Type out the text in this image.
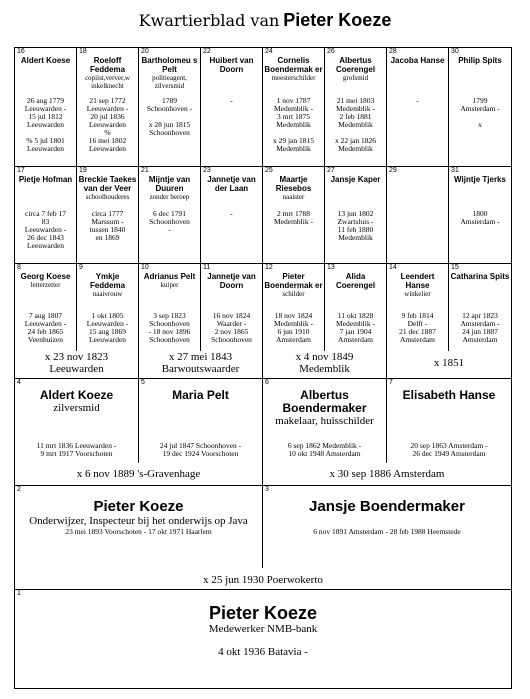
Kwartierblad van Pieter Koeze
16
Aldert Koese
26 aug 1779
Leeuwarden -
15 jul 1812
Leeuwarden

% 5 jul 1801
Leeuwarden
18
Roeloff Feddema
copiist,verver,w inkelknecht
21 sep 1772
Leeuwarden -
20 jul 1836
Leeuwarden
%
16 mei 1802
Leeuwarden
20
Bartholomeu s Pelt
politieagent, zilversmid
1789
Schoonhoven -

x 28 jun 1815
Schoonhoven
22
Huibert van Doorn
-
24
Cornelis Boendermak er
meesterschilder
1 nov 1787
Medemblik -
3 mrt 1875
Medemblik

x 29 jan 1815
Medemblik
26
Albertus Coerengel
grofsmid
21 mei 1803
Medemblik -
2 feb 1881
Medemblik

x 22 jan 1826
Medemblik
28
Jacoba Hanse
-
30
Philip Spits
1799
Amsterdam -

x
17
Pietje Hofman
circa 7 feb 17
83
Leeuwarden -
26 dec 1843
Leeuwarden
19
Breckie Taekes van der Veer
schoolhouderes
circa 1777
Marssum -
tussen 1840
en 1869
21
Mijntje van Duuren
zonder beroep
6 dec 1791
Schoonhoven
-
23
Jannetje van der Laan
-
25
Maartje Riesebos
naaister
2 mrt 1788
Medemblik -
27
Jansje Kaper
13 jun 1802
Zwartsluis -
11 feb 1880
Medemblik
29	31
Wijntje Tjerks
1800
Amsterdam -
8
Georg Koese
letterzetter
7 aug 1807
Leeuwarden -
24 feb 1865
Veenhuizen
9
Ymkje Feddema
naaivrouw
1 okt 1805
Leeuwarden -
15 aug 1869
Leeuwarden
10
Adrianus Pelt
kuiper
3 sep 1823
Schoonhoven
- 18 nov 1896
Schoonhoven
11
Jannetje van Doorn
16 nov 1824
Waarder -
2 nov 1865
Schoonhoven
12
Pieter Boendermak er
schilder
18 nov 1824
Medemblik -
6 jun 1910
Amsterdam
13
Alida Coerengel
11 okt 1828
Medemblik -
7 jan 1904
Amsterdam
14
Leendert Hanse
winkelier
9 feb 1814
Delft -
21 dec 1887
Amsterdam
15
Catharina Spits
12 apr 1823
Amsterdam -
24 jun 1887
Amsterdam
x 23 nov 1823
Leeuwarden
x 27 mei 1843
Barwoutswaarder
x 4 nov 1849
Medemblik	x 1851
4
Aldert Koeze
zilversmid
11 mrt 1836 Leeuwarden -
9 mrt 1917 Voorschoten
5
Maria Pelt
24 jul 1847 Schoonhoven -
19 dec 1924 Voorschoten
6
Albertus Boendermaker
makelaar, huisschilder
6 sep 1862 Medemblik -
10 okt 1948 Amsterdam
7
Elisabeth Hanse
20 sep 1863 Amsterdam -
26 dec 1949 Amsterdam
x 6 nov 1889 's-Gravenhage	x 30 sep 1886 Amsterdam
2
Pieter Koeze
Onderwijzer, Inspecteur bij het onderwijs op Java
23 mei 1893 Voorschoten - 17 okt 1971 Haarlem
3
Jansje Boendermaker
6 nov 1891 Amsterdam - 28 feb 1988 Heemstede
x 25 jun 1930 Poerwokerto
1
Pieter Koeze
Medewerker NMB-bank
4 okt 1936 Batavia -
